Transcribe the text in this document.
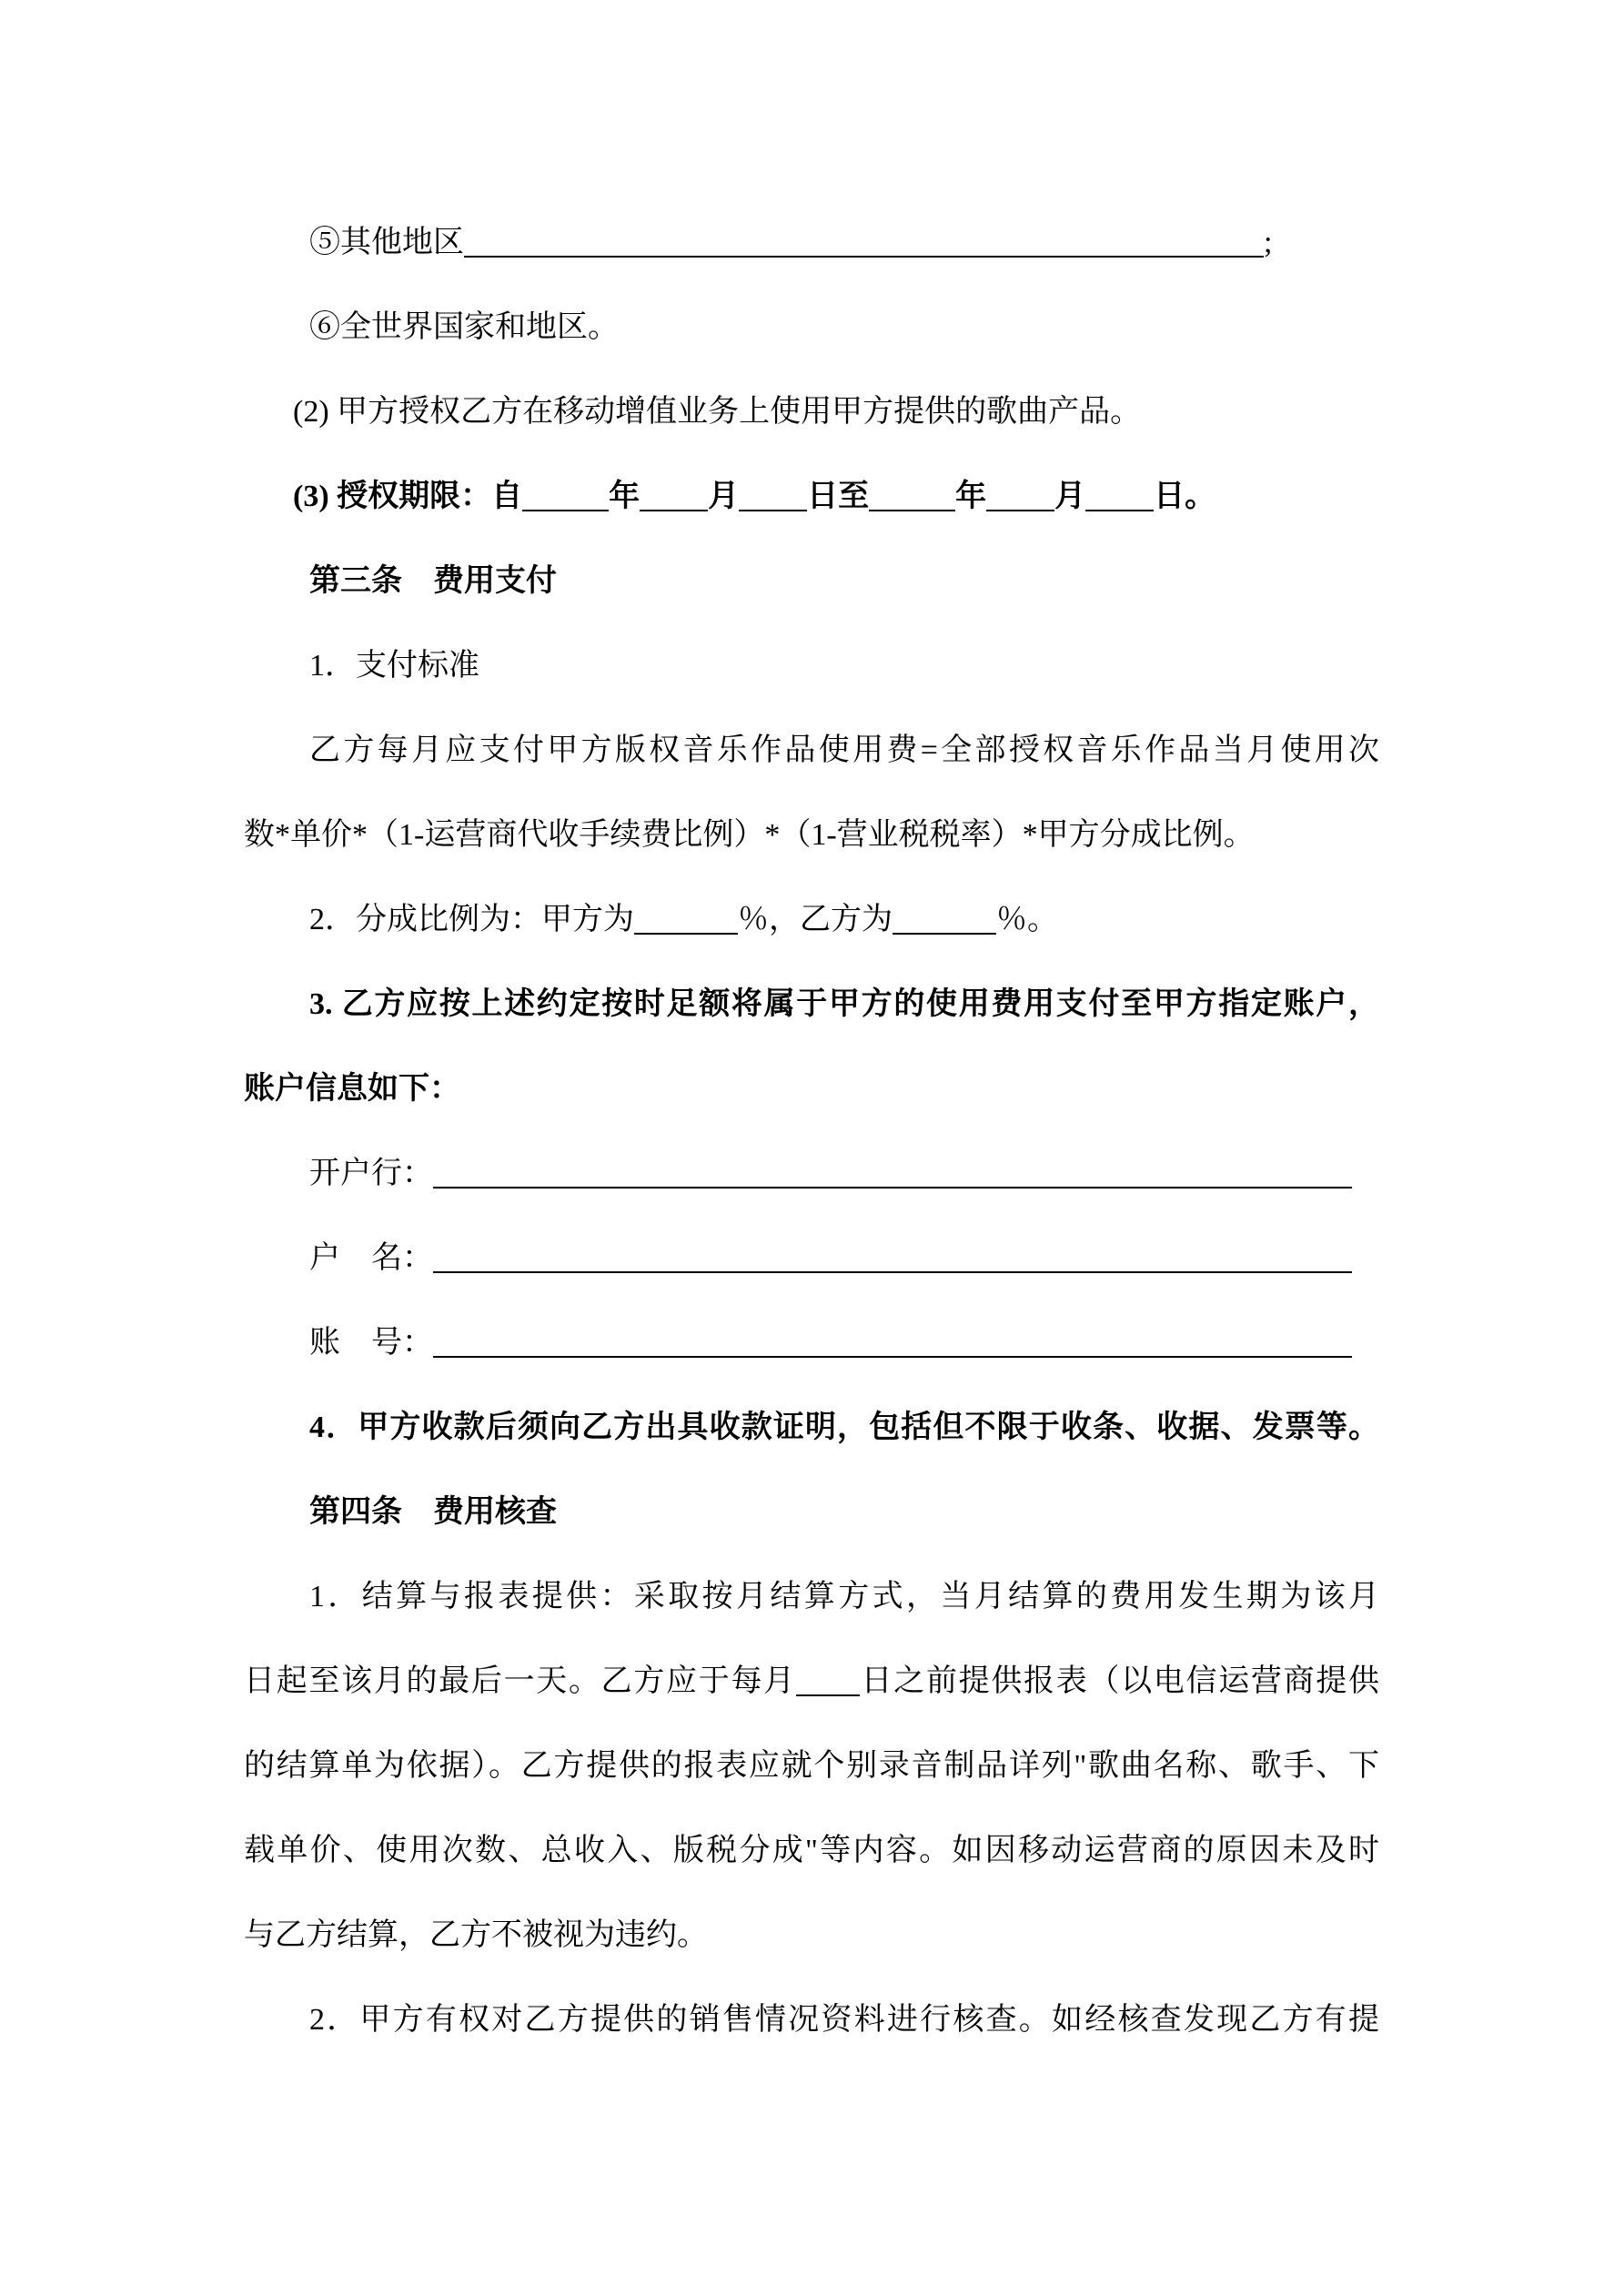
⑤其他地区	;

⑥全世界国家和地区。

(2) 甲方授权乙方在移动增值业务上使用甲方提供的歌曲产品。

(3) 授权期限：自	年 月 日至	年 月 日。

第三条　费用支付

1．支付标准

乙方每月应支付甲方版权音乐作品使用费=全部授权音乐作品当月使用次

数*单价*（1-运营商代收手续费比例）*（1-营业税税率）*甲方分成比例。

2．分成比例为：甲方为	％，乙方为	％。

3. 乙方应按上述约定按时足额将属于甲方的使用费用支付至甲方指定账户，

账户信息如下：

开户行：

户　名：

账　号：

4．甲方收款后须向乙方出具收款证明，包括但不限于收条、收据、发票等。

第四条　费用核查

1．结算与报表提供：采取按月结算方式，当月结算的费用发生期为该月

日起至该月的最后一天。乙方应于每月 日之前提供报表（以电信运营商提供

的结算单为依据）。乙方提供的报表应就个别录音制品详列"歌曲名称、歌手、下

载单价、使用次数、总收入、版税分成"等内容。如因移动运营商的原因未及时

与乙方结算，乙方不被视为违约。

2．甲方有权对乙方提供的销售情况资料进行核查。如经核查发现乙方有提
